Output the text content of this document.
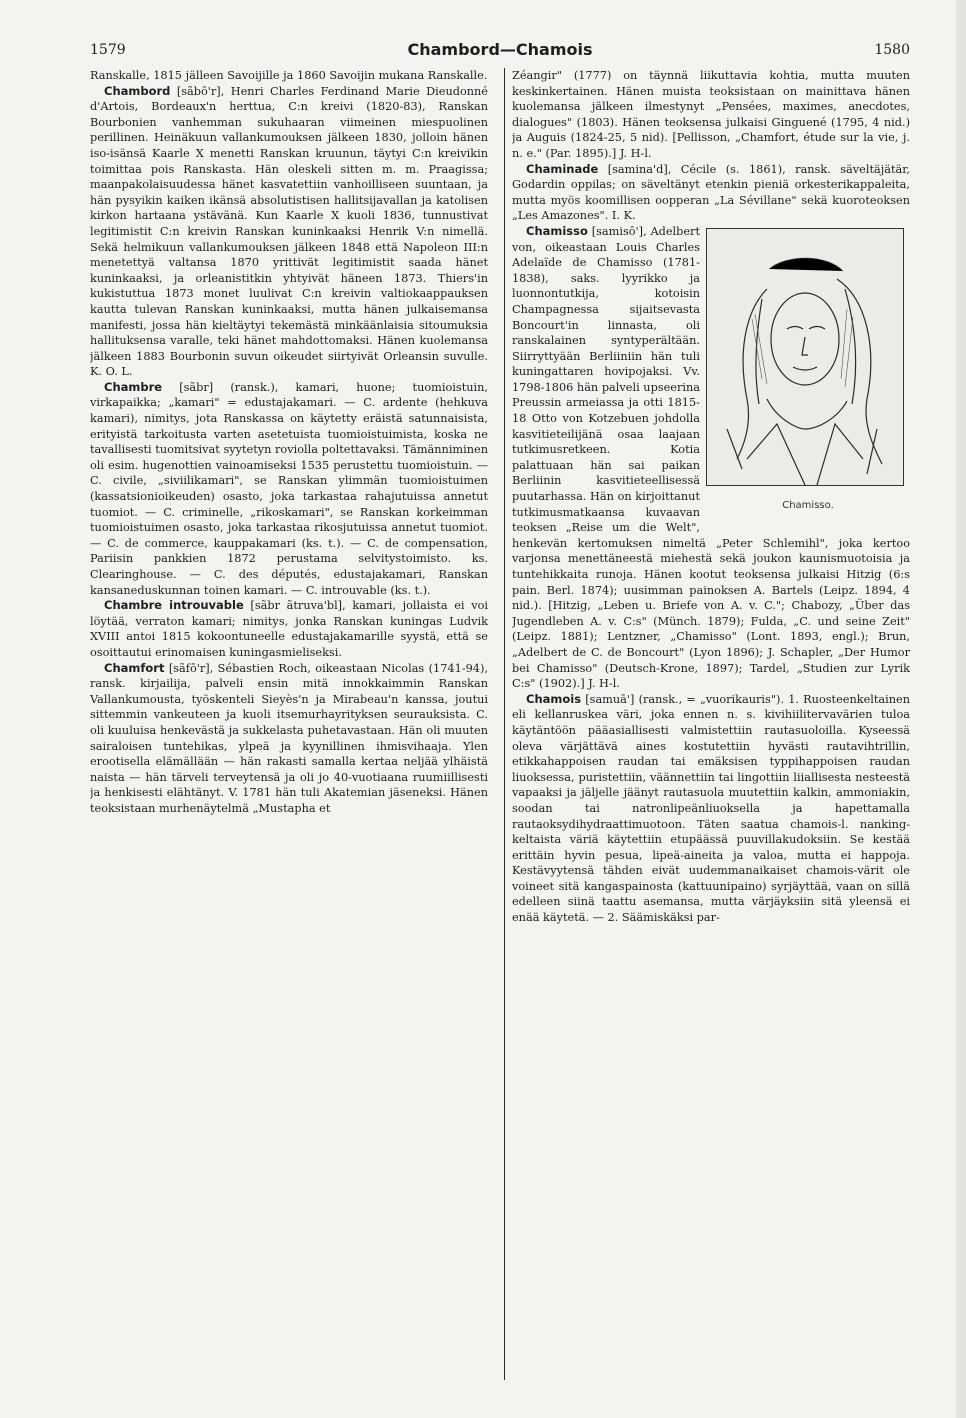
1579	Chambord—Chamois	1580

Ranskalle, 1815 jälleen Savoijille ja 1860 Savoijin mukana Ranskalle.

Chambord [sãbō'r], Henri Charles Ferdinand Marie Dieudonné d'Artois, Bordeaux'n herttua, C:n kreivi (1820-83), Ranskan Bourbonien vanhemman sukuhaaran viimeinen miespuolinen perillinen. Heinäkuun vallankumouksen jälkeen 1830, jolloin hänen iso-isänsä Kaarle X menetti Ranskan kruunun, täytyi C:n kreivikin toimittaa pois Ranskasta. Hän oleskeli sitten m. m. Praagissa; maanpakolaisuudessa hänet kasvatettiin vanhoilliseen suuntaan, ja hän pysyikin kaiken ikänsä absolutistisen hallitsijavallan ja katolisen kirkon hartaana ystävänä. Kun Kaarle X kuoli 1836, tunnustivat legitimistit C:n kreivin Ranskan kuninkaaksi Henrik V:n nimellä. Sekä helmikuun vallankumouksen jälkeen 1848 että Napoleon III:n menetettyä valtansa 1870 yrittivät legitimistit saada hänet kuninkaaksi, ja orleanistitkin yhtyivät häneen 1873. Thiers'in kukistuttua 1873 monet luulivat C:n kreivin valtiokaappauksen kautta tulevan Ranskan kuninkaaksi, mutta hänen julkaisemansa manifesti, jossa hän kieltäytyi tekemästä minkäänlaisia sitoumuksia hallituksensa varalle, teki hänet mahdottomaksi. Hänen kuolemansa jälkeen 1883 Bourbonin suvun oikeudet siirtyivät Orleansin suvulle. K. O. L.

Chambre [sãbr] (ransk.), kamari, huone; tuomioistuin, virkapaikka; „kamari" = edustajakamari. — C. ardente (hehkuva kamari), nimitys, jota Ranskassa on käytetty eräistä satunnaisista, erityistä tarkoitusta varten asetetuista tuomioistuimista, koska ne tavallisesti tuomitsivat syytetyn roviolla poltettavaksi. Tämänniminen oli esim. hugenottien vainoamiseksi 1535 perustettu tuomioistuin. — C. civile, „siviilikamari", se Ranskan ylimmän tuomioistuimen (kassatsionioikeuden) osasto, joka tarkastaa rahajutuissa annetut tuomiot. — C. criminelle, „rikoskamari", se Ranskan korkeimman tuomioistuimen osasto, joka tarkastaa rikosjutuissa annetut tuomiot. — C. de commerce, kauppakamari (ks. t.). — C. de compensation, Pariisin pankkien 1872 perustama selvitystoimisto. ks. Clearinghouse. — C. des députés, edustajakamari, Ranskan kansaneduskunnan toinen kamari. — C. introuvable (ks. t.).

Chambre introuvable [sãbr ãtruva'bl], kamari, jollaista ei voi löytää, verraton kamari; nimitys, jonka Ranskan kuningas Ludvik XVIII antoi 1815 kokoontuneelle edustajakamarille syystä, että se osoittautui erinomaisen kuningasmieliseksi.

Chamfort [sãfō'r], Sébastien Roch, oikeastaan Nicolas (1741-94), ransk. kirjailija, palveli ensin mitä innokkaimmin Ranskan Vallankumousta, työskenteli Sieyès'n ja Mirabeau'n kanssa, joutui sittemmin vankeuteen ja kuoli itsemurhayrityksen seurauksista. C. oli kuuluisa henkevästä ja sukkelasta puhetavastaan. Hän oli muuten sairaloisen tuntehikas, ylpeä ja kyynillinen ihmisvihaaja. Ylen erootisella elämällään — hän rakasti samalla kertaa neljää ylhäistä naista — hän tärveli terveytensä ja oli jo 40-vuotiaana ruumiillisesti ja henkisesti elähtänyt. V. 1781 hän tuli Akatemian jäseneksi. Hänen teoksistaan murhenäytelmä „Mustapha et

Zéangir" (1777) on täynnä liikuttavia kohtia, mutta muuten keskinkertainen. Hänen muista teoksistaan on mainittava hänen kuolemansa jälkeen ilmestynyt „Pensées, maximes, anecdotes, dialogues" (1803). Hänen teoksensa julkaisi Ginguené (1795, 4 nid.) ja Auguis (1824-25, 5 nid). [Pellisson, „Chamfort, étude sur la vie, j. n. e." (Par. 1895).] J. H-l.

Chaminade [saminа'd], Cécile (s. 1861), ransk. säveltäjätär, Godardin oppilas; on säveltänyt etenkin pieniä orkesterikappaleita, mutta myös koomillisen oopperan „La Sévillane" sekä kuoroteoksen „Les Amazones". I. K.

Chamisso.

Chamisso [samisō'], Adelbert von, oikeastaan Louis Charles Adelaïde de Chamisso (1781-1838), saks. lyyrikko ja luonnontutkija, kotoisin Champagnessa sijaitsevasta Boncourt'in linnasta, oli ranskalainen syntyperältään. Siirryttyään Berliiniin hän tuli kuningattaren hovipojaksi. Vv. 1798-1806 hän palveli upseerina Preussin armeiassa ja otti 1815-18 Otto von Kotzebuen johdolla kasvitieteilijänä osaa laajaan tutkimusretkeen. Kotia palattuaan hän sai paikan Berliinin kasvitieteellisessä puutarhassa. Hän on kirjoittanut tutkimusmatkaansa kuvaavan teoksen „Reise um die Welt", henkevän kertomuksen nimeltä „Peter Schlemihl", joka kertoo varjonsa menettäneestä miehestä sekä joukon kaunismuotoisia ja tuntehikkaita runoja. Hänen kootut teoksensa julkaisi Hitzig (6:s pain. Berl. 1874); uusimman painoksen A. Bartels (Leipz. 1894, 4 nid.). [Hitzig, „Leben u. Briefe von A. v. C."; Chabozy, „Über das Jugendleben A. v. C:s" (Münch. 1879); Fulda, „C. und seine Zeit" (Leipz. 1881); Lentzner, „Chamisso" (Lont. 1893, engl.); Brun, „Adelbert de C. de Boncourt" (Lyon 1896); J. Schapler, „Der Humor bei Chamisso" (Deutsch-Krone, 1897); Tardel, „Studien zur Lyrik C:s" (1902).] J. H-l.

Chamois [samuā'] (ransk., = „vuorikauris"). 1. Ruosteenkeltainen eli kellanruskea väri, joka ennen n. s. kivihiilitervavärien tuloa käytäntöön pääasiallisesti valmistettiin rautasuoloilla. Kyseessä oleva värjättävä aines kostutettiin hyvästi rautavihtrillin, etikkahappoisen raudan tai emäksisen typpihappoisen raudan liuoksessa, puristettiin, väännettiin tai lingottiin liiallisesta nesteestä vapaaksi ja jäljelle jäänyt rautasuola muutettiin kalkin, ammoniakin, soodan tai natronlipeänliuoksella ja hapettamalla rautaoksydihydraattimuotoon. Täten saatua chamois-l. nanking-keltaista väriä käytettiin etupäässä puuvillakudoksiin. Se kestää erittäin hyvin pesua, lipeä-aineita ja valoa, mutta ei happoja. Kestävyytensä tähden eivät uudemmanaikaiset chamois-värit ole voineet sitä kangaspainosta (kattuunipaino) syrjäyttää, vaan on sillä edelleen siinä taattu asemansa, mutta värjäyksiin sitä yleensä ei enää käytetä. — 2. Säämiskäksi par-
